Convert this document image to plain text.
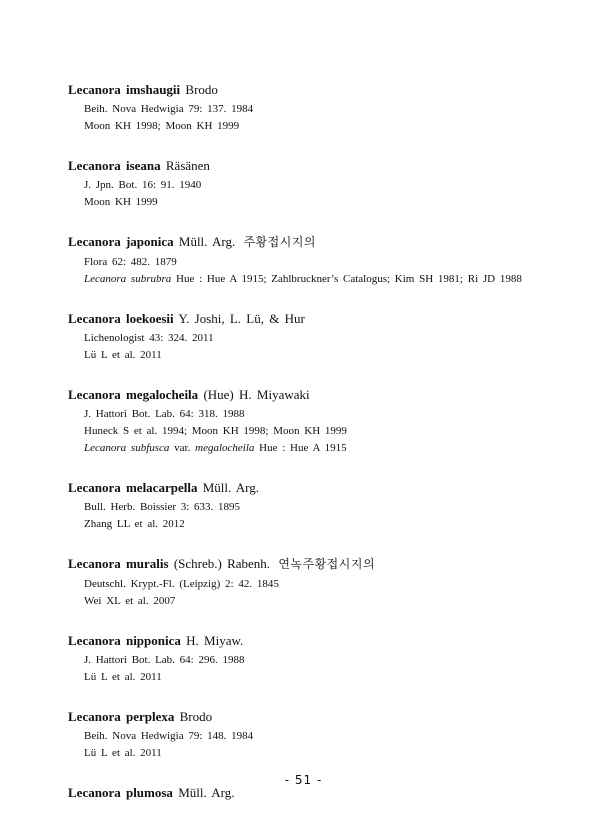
Lecanora imshaugii Brodo
Beih. Nova Hedwigia 79: 137. 1984
Moon KH 1998; Moon KH 1999
Lecanora iseana Räsänen
J. Jpn. Bot. 16: 91. 1940
Moon KH 1999
Lecanora japonica Müll. Arg. 주황접시지의
Flora 62: 482. 1879
Lecanora subrubra Hue : Hue A 1915; Zahlbruckner’s Catalogus; Kim SH 1981; Ri JD 1988
Lecanora loekoesii Y. Joshi, L. Lü, & Hur
Lichenologist 43: 324. 2011
Lü L et al. 2011
Lecanora megalocheila (Hue) H. Miyawaki
J. Hattori Bot. Lab. 64: 318. 1988
Huneck S et al. 1994; Moon KH 1998; Moon KH 1999
Lecanora subfusca var. megalocheila Hue : Hue A 1915
Lecanora melacarpella Müll. Arg.
Bull. Herb. Boissier 3: 633. 1895
Zhang LL et al. 2012
Lecanora muralis (Schreb.) Rabenh. 연녹주황접시지의
Deutschl. Krypt.-Fl. (Leipzig) 2: 42. 1845
Wei XL et al. 2007
Lecanora nipponica H. Miyaw.
J. Hattori Bot. Lab. 64: 296. 1988
Lü L et al. 2011
Lecanora perplexa Brodo
Beih. Nova Hedwigia 79: 148. 1984
Lü L et al. 2011
Lecanora plumosa Müll. Arg.
- 51 -
